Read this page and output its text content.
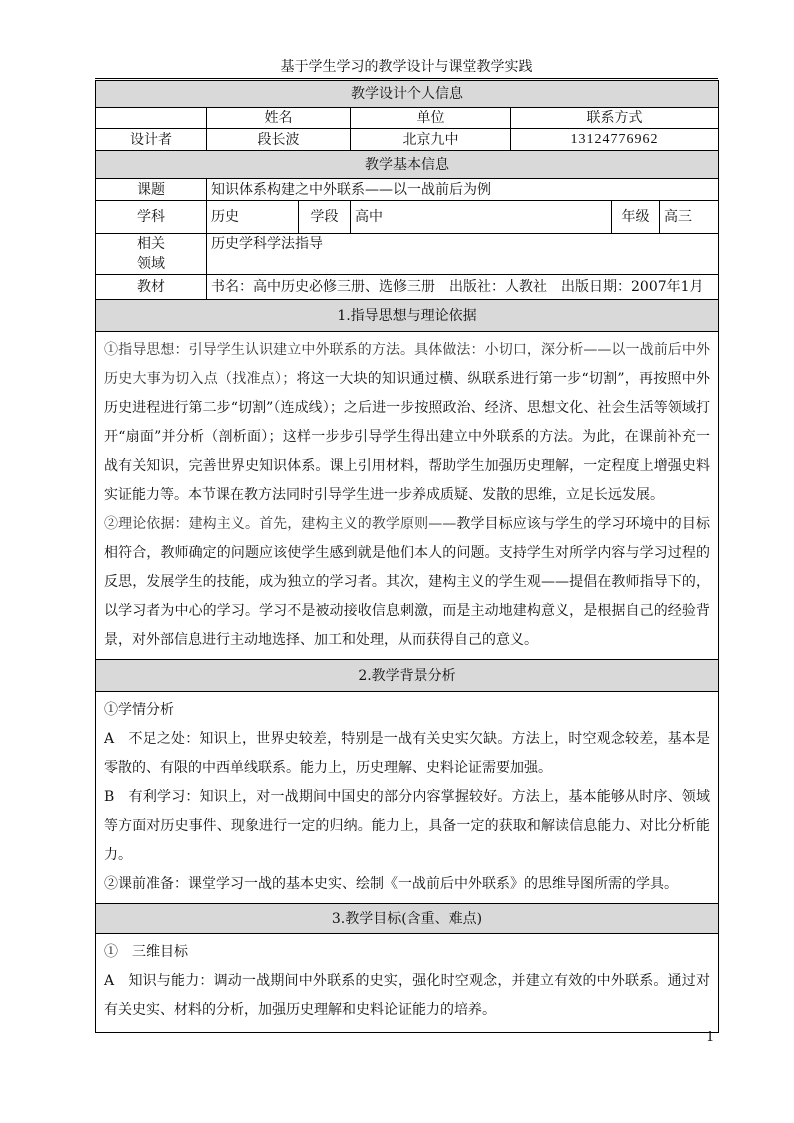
基于学生学习的教学设计与课堂教学实践
教学设计个人信息						
	姓名		单位	联系方式		
设计者	段长波		北京九中	13124776962		
教学基本信息						
课题	知识体系构建之中外联系——以一战前后为例					
学科	历史	学段	高中		年级	高三

相关
领域	历史学科学法指导					
教材	书名：高中历史必修三册、选修三册　出版社：人教社　出版日期：2007年1月					
1.指导思想与理论依据						

①指导思想：引导学生认识建立中外联系的方法。具体做法：小切口，深分析——以一战前后中外历史大事为切入点（找准点）；将这一大块的知识通过横、纵联系进行第一步“切割”，再按照中外历史进程进行第二步“切割”（连成线）；之后进一步按照政治、经济、思想文化、社会生活等领域打开“扇面”并分析（剖析面）；这样一步步引导学生得出建立中外联系的方法。为此，在课前补充一战有关知识，完善世界史知识体系。课上引用材料，帮助学生加强历史理解，一定程度上增强史料实证能力等。本节课在教方法同时引导学生进一步养成质疑、发散的思维，立足长远发展。

②理论依据：建构主义。首先，建构主义的教学原则——教学目标应该与学生的学习环境中的目标相符合，教师确定的问题应该使学生感到就是他们本人的问题。支持学生对所学内容与学习过程的反思，发展学生的技能，成为独立的学习者。其次，建构主义的学生观——提倡在教师指导下的，以学习者为中心的学习。学习不是被动接收信息刺激，而是主动地建构意义，是根据自己的经验背景，对外部信息进行主动地选择、加工和处理，从而获得自己的意义。						

2.教学背景分析						

①学情分析

A　不足之处：知识上，世界史较差，特别是一战有关史实欠缺。方法上，时空观念较差，基本是零散的、有限的中西单线联系。能力上，历史理解、史料论证需要加强。

B　有利学习：知识上，对一战期间中国史的部分内容掌握较好。方法上，基本能够从时序、领域等方面对历史事件、现象进行一定的归纳。能力上，具备一定的获取和解读信息能力、对比分析能力。

②课前准备：课堂学习一战的基本史实、绘制《一战前后中外联系》的思维导图所需的学具。						

3.教学目标(含重、难点)						

①　三维目标

A　知识与能力：调动一战期间中外联系的史实，强化时空观念，并建立有效的中外联系。通过对有关史实、材料的分析，加强历史理解和史料论证能力的培养。						

1
